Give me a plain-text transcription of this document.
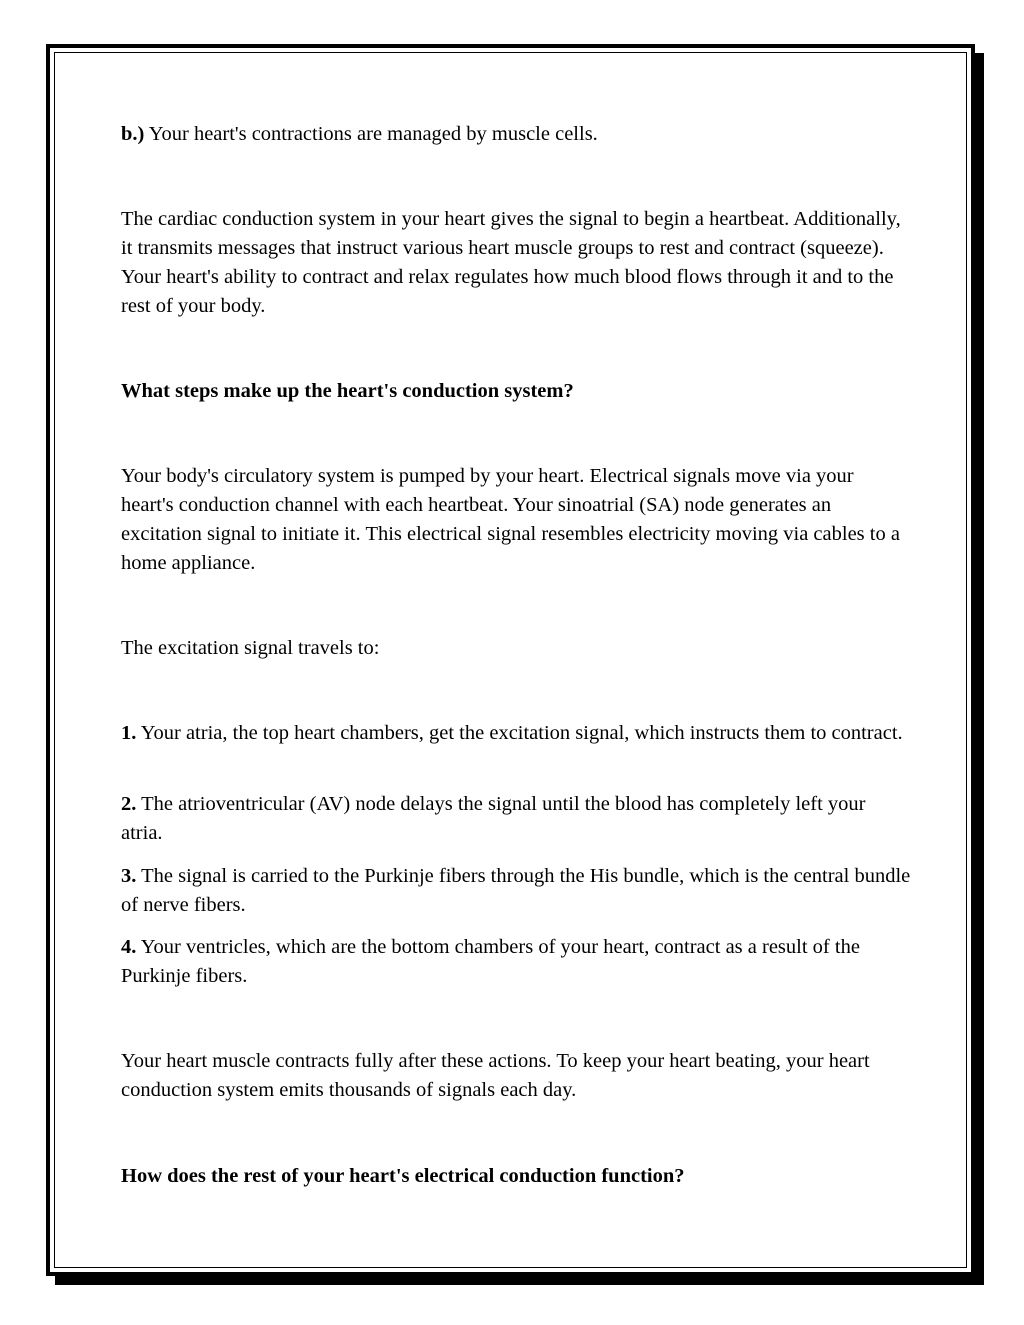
b.) Your heart's contractions are managed by muscle cells.

The cardiac conduction system in your heart gives the signal to begin a heartbeat. Additionally, it transmits messages that instruct various heart muscle groups to rest and contract (squeeze). Your heart's ability to contract and relax regulates how much blood flows through it and to the rest of your body.

What steps make up the heart's conduction system?

Your body's circulatory system is pumped by your heart. Electrical signals move via your heart's conduction channel with each heartbeat. Your sinoatrial (SA) node generates an excitation signal to initiate it. This electrical signal resembles electricity moving via cables to a home appliance.

The excitation signal travels to:

1. Your atria, the top heart chambers, get the excitation signal, which instructs them to contract.

2. The atrioventricular (AV) node delays the signal until the blood has completely left your atria.

3. The signal is carried to the Purkinje fibers through the His bundle, which is the central bundle of nerve fibers.

4. Your ventricles, which are the bottom chambers of your heart, contract as a result of the Purkinje fibers.

Your heart muscle contracts fully after these actions. To keep your heart beating, your heart conduction system emits thousands of signals each day.

How does the rest of your heart's electrical conduction function?
